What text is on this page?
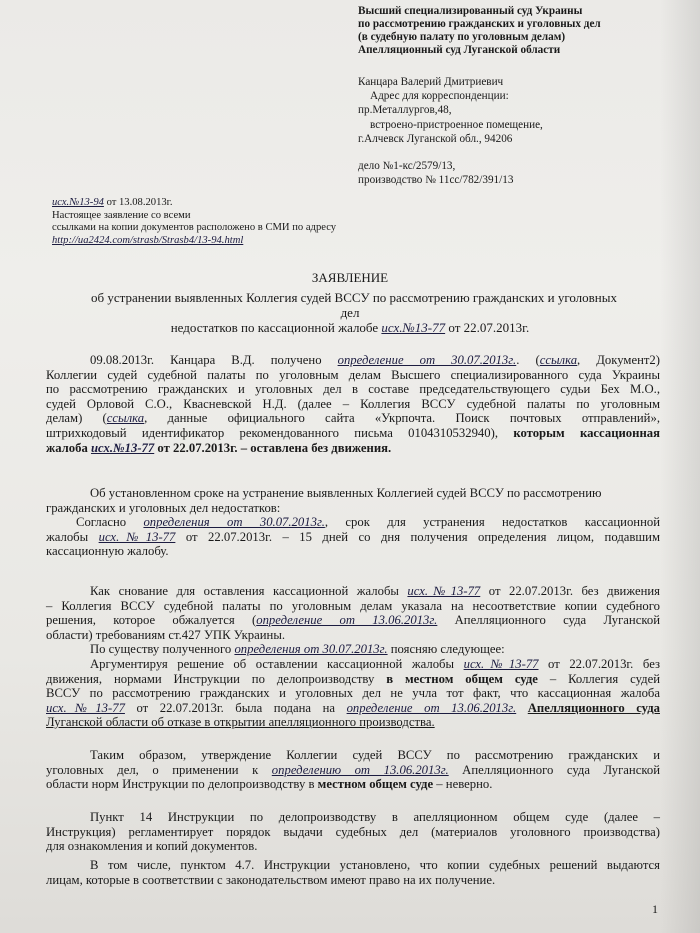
Высший специализированный суд Украины
по рассмотрению гражданских и уголовных дел
(в судебную палату по уголовным делам)
Апелляционный суд Луганской области
Канцара Валерий Дмитриевич
Адрес для корреспонденции:
пр.Металлургов,48,
встроено-пристроенное помещение,
г.Алчевск Луганской обл., 94206
дело №1-кс/2579/13,
производство № 11сс/782/391/13
исх.№13-94 от 13.08.2013г.
Настоящее заявление со всеми
ссылками на копии документов расположено в СМИ по адресу
http://ua2424.com/strasb/Strasb4/13-94.html
ЗАЯВЛЕНИЕ
об устранении выявленных Коллегия судей ВССУ по рассмотрению гражданских и уголовных
дел
недостатков по кассационной жалобе исх.№13-77 от 22.07.2013г.
09.08.2013г. Канцара В.Д. получено определение от 30.07.2013г.. (ссылка, Документ2)
Коллегии судей судебной палаты по уголовным делам Высшего специализированного суда Украины
по рассмотрению гражданских и уголовных дел в составе председательствующего судьи Бех М.О.,
судей Орловой С.О., Квасневской Н.Д. (далее – Коллегия ВССУ судебной палаты по уголовным
делам) (ссылка, данные официального сайта «Укрпочта. Поиск почтовых отправлений»,
штрихкодовый идентификатор рекомендованного письма 0104310532940), которым кассационная
жалоба исх.№13-77 от 22.07.2013г. – оставлена без движения.
Об установленном сроке на устранение выявленных Коллегией судей ВССУ по рассмотрению
гражданских и уголовных дел недостатков:
Согласно определения от 30.07.2013г., срок для устранения недостатков кассационной
жалобы исх.№13-77 от 22.07.2013г. – 15 дней со дня получения определения лицом, подавшим
кассационную жалобу.
Как снование для оставления кассационной жалобы исх.№13-77 от 22.07.2013г. без движения
– Коллегия ВССУ судебной палаты по уголовным делам указала на несоответствие копии судебного
решения, которое обжалуется (определение от 13.06.2013г. Апелляционного суда Луганской
области) требованиям ст.427 УПК Украины.
По существу полученного определения от 30.07.2013г. поясняю следующее:
Аргументируя решение об оставлении кассационной жалобы исх.№13-77 от 22.07.2013г. без
движения, нормами Инструкции по делопроизводству в местном общем суде – Коллегия судей
ВССУ по рассмотрению гражданских и уголовных дел не учла тот факт, что кассационная жалоба
исх.№13-77 от 22.07.2013г. была подана на определение от 13.06.2013г. Апелляционного суда
Луганской области об отказе в открытии апелляционного производства.
Таким образом, утверждение Коллегии судей ВССУ по рассмотрению гражданских и
уголовных дел, о применении к определению от 13.06.2013г. Апелляционного суда Луганской
области норм Инструкции по делопроизводству в местном общем суде – неверно.
Пункт 14 Инструкции по делопроизводству в апелляционном общем суде (далее –
Инструкция) регламентирует порядок выдачи судебных дел (материалов уголовного производства)
для ознакомления и копий документов.
В том числе, пунктом 4.7. Инструкции установлено, что копии судебных решений выдаются
лицам, которые в соответствии с законодательством имеют право на их получение.
1
